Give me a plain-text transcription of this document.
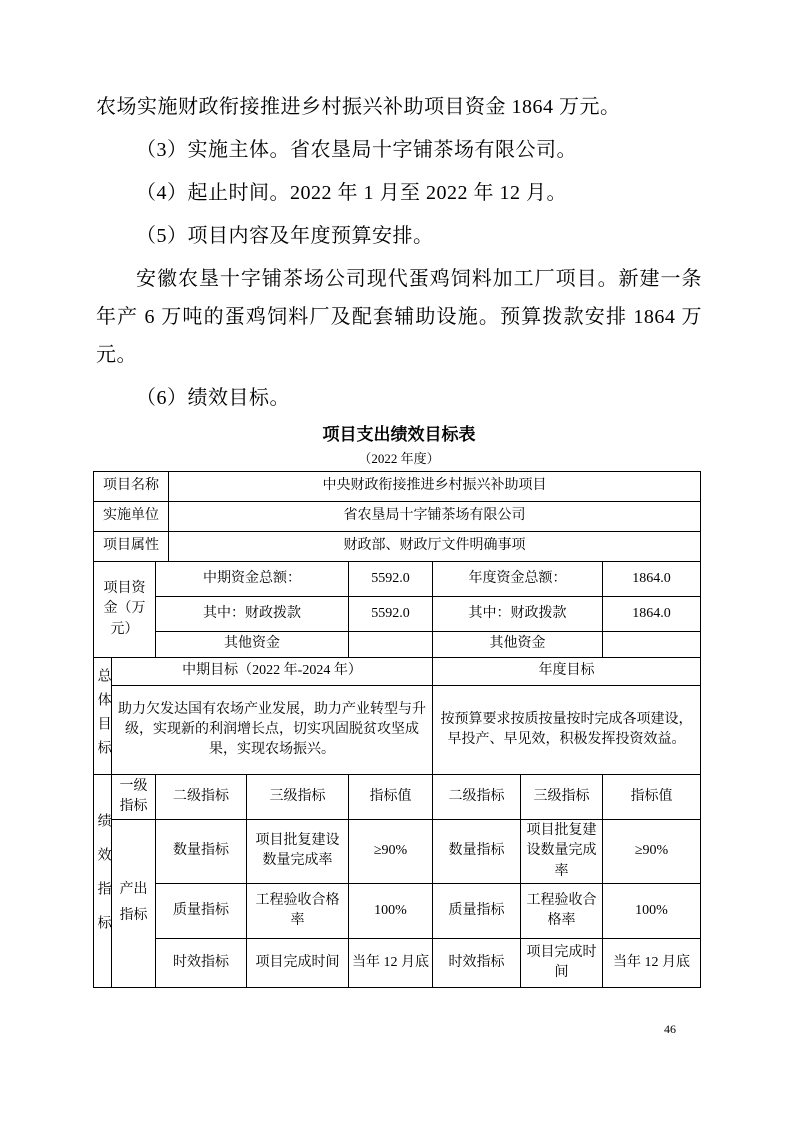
农场实施财政衔接推进乡村振兴补助项目资金 1864 万元。

（3）实施主体。省农垦局十字铺茶场有限公司。

（4）起止时间。2022 年 1 月至 2022 年 12 月。

（5）项目内容及年度预算安排。

安徽农垦十字铺茶场公司现代蛋鸡饲料加工厂项目。新建一条年产 6 万吨的蛋鸡饲料厂及配套辅助设施。预算拨款安排 1864 万元。

（6）绩效目标。

项目支出绩效目标表
（2022 年度）
项目名称			中央财政衔接推进乡村振兴补助项目					
实施单位			省农垦局十字铺茶场有限公司					
项目属性			财政部、财政厅文件明确事项					
项目资金（万元）		中期资金总额：			5592.0	年度资金总额：		1864.0
		其中：财政拨款			5592.0	其中：财政拨款		1864.0
		其他资金				其他资金		
总体目标	中期目标（2022 年-2024 年）					年度目标		
	助力欠发达国有农场产业发展，助力产业转型与升级，实现新的利润增长点，切实巩固脱贫攻坚成果，实现农场振兴。					按预算要求按质按量按时完成各项建设，早投产、早见效，积极发挥投资效益。		
绩效指标	一级指标	二级指标		三级指标	指标值	二级指标	三级指标	指标值
	产出指标	数量指标		项目批复建设数量完成率	≥90%	数量指标	项目批复建设数量完成率	≥90%
		质量指标		工程验收合格率	100%	质量指标	工程验收合格率	100%
		时效指标		项目完成时间	当年 12 月底	时效指标	项目完成时间	当年 12 月底
46
